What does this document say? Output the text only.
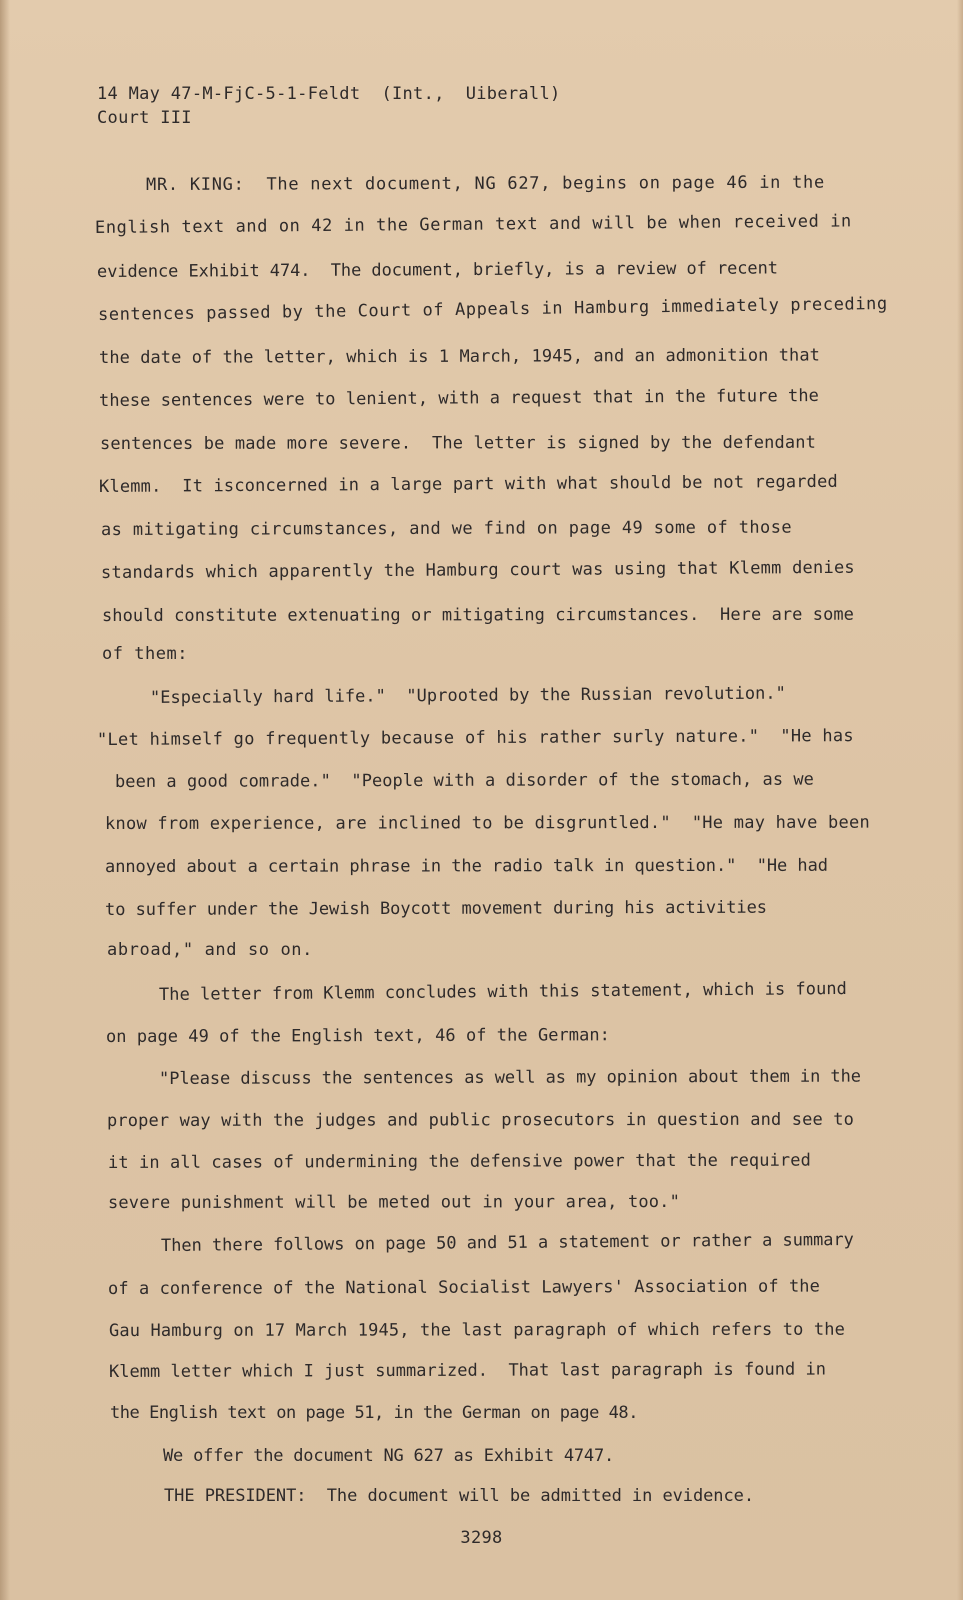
14 May 47-M-FjC-5-1-Feldt  (Int.,  Uiberall)
Court III
MR. KING:  The next document, NG 627, begins on page 46 in the
English text and on 42 in the German text and will be when received in
evidence Exhibit 474.  The document, briefly, is a review of recent
sentences passed by the Court of Appeals in Hamburg immediately preceding
the date of the letter, which is 1 March, 1945, and an admonition that
these sentences were to lenient, with a request that in the future the
sentences be made more severe.  The letter is signed by the defendant
Klemm.  It isconcerned in a large part with what should be not regarded
as mitigating circumstances, and we find on page 49 some of those
standards which apparently the Hamburg court was using that Klemm denies
should constitute extenuating or mitigating circumstances.  Here are some
of them:
"Especially hard life."  "Uprooted by the Russian revolution."
"Let himself go frequently because of his rather surly nature."  "He has
been a good comrade."  "People with a disorder of the stomach, as we
know from experience, are inclined to be disgruntled."  "He may have been
annoyed about a certain phrase in the radio talk in question."  "He had
to suffer under the Jewish Boycott movement during his activities
abroad," and so on.
The letter from Klemm concludes with this statement, which is found
on page 49 of the English text, 46 of the German:
"Please discuss the sentences as well as my opinion about them in the
proper way with the judges and public prosecutors in question and see to
it in all cases of undermining the defensive power that the required
severe punishment will be meted out in your area, too."
Then there follows on page 50 and 51 a statement or rather a summary
of a conference of the National Socialist Lawyers' Association of the
Gau Hamburg on 17 March 1945, the last paragraph of which refers to the
Klemm letter which I just summarized.  That last paragraph is found in
the English text on page 51, in the German on page 48.
We offer the document NG 627 as Exhibit 4747.
THE PRESIDENT:  The document will be admitted in evidence.
3298
